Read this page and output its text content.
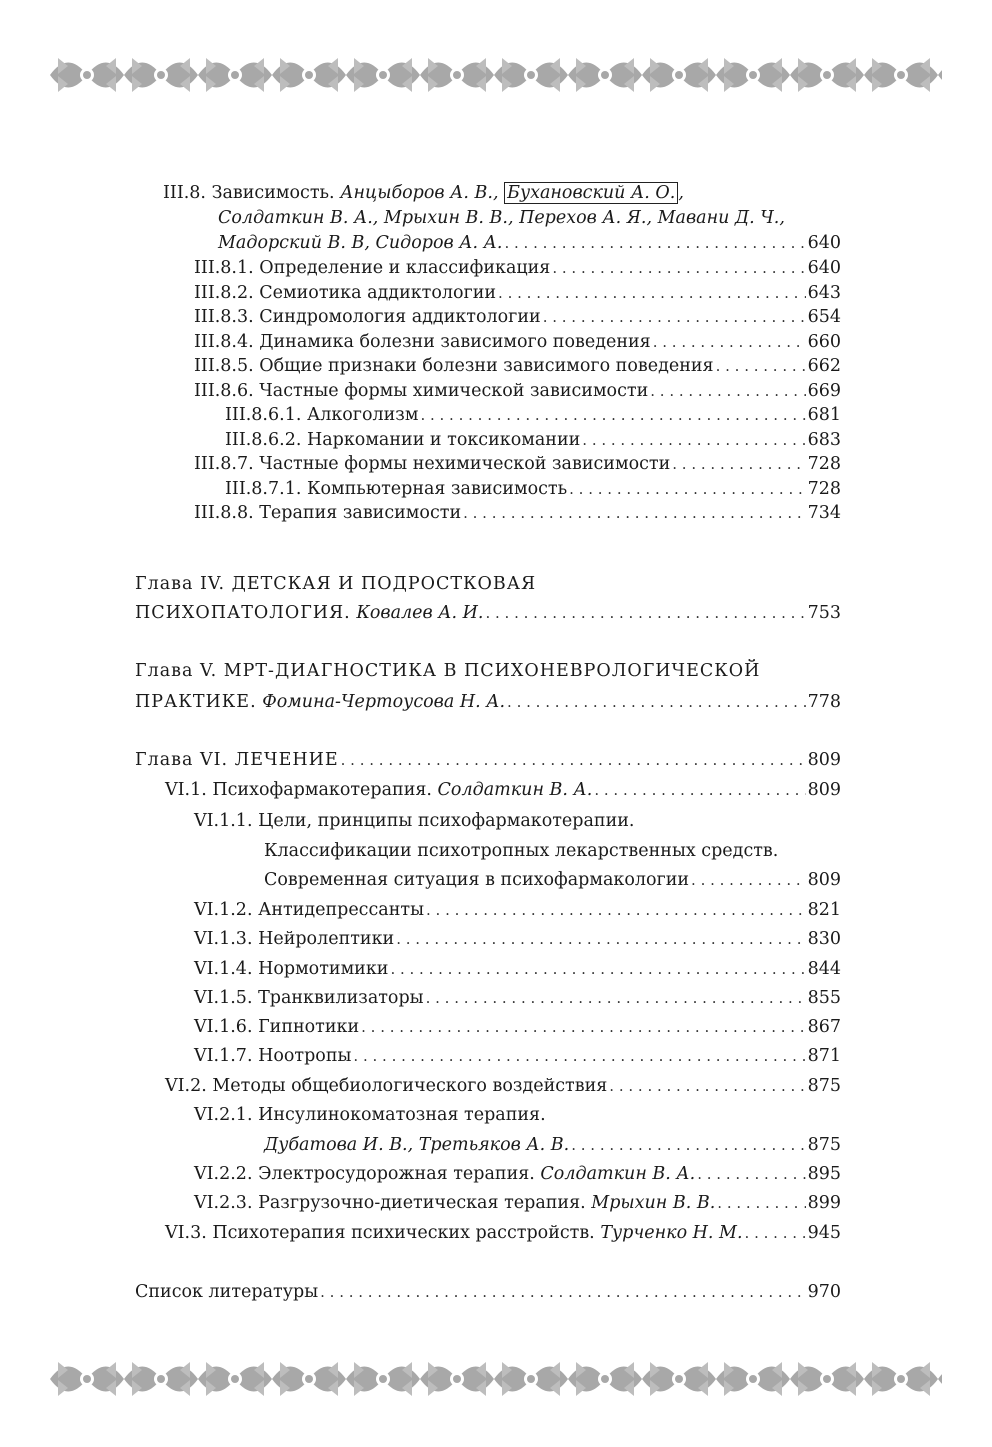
III.8. Зависимость. Анцыборов А. В., Бухановский А. О. ,
Солдаткин В. А., Мрыхин В. В., Перехов А. Я., Мавани Д. Ч.,
Мадорский В. В, Сидоров А. А. . . .	640
III.8.1. Определение и классификация . . .	640
III.8.2. Семиотика аддиктологии . . .	643
III.8.3. Синдромология аддиктологии . . .	654
III.8.4. Динамика болезни зависимого поведения . . .	660
III.8.5. Общие признаки болезни зависимого поведения . . .	662
III.8.6. Частные формы химической зависимости . . .	669
III.8.6.1. Алкоголизм . . .	681
III.8.6.2. Наркомании и токсикомании . . .	683
III.8.7. Частные формы нехимической зависимости . . .	728
III.8.7.1. Компьютерная зависимость . . .	728
III.8.8. Терапия зависимости . . .	734
Глава IV. ДЕТСКАЯ И ПОДРОСТКОВАЯ
ПСИХОПАТОЛОГИЯ. Ковалев А. И. . . .	753
Глава V. МРТ-ДИАГНОСТИКА В ПСИХОНЕВРОЛОГИЧЕСКОЙ
ПРАКТИКЕ. Фомина-Чертоусова Н. А. . . .	778
Глава VI. ЛЕЧЕНИЕ . . .	809
VI.1. Психофармакотерапия. Солдаткин В. А. . . .	809
VI.1.1. Цели, принципы психофармакотерапии.
Классификации психотропных лекарственных средств.
Современная ситуация в психофармакологии . . .	809
VI.1.2. Антидепрессанты . . .	821
VI.1.3. Нейролептики . . .	830
VI.1.4. Нормотимики . . .	844
VI.1.5. Транквилизаторы . . .	855
VI.1.6. Гипнотики . . .	867
VI.1.7. Ноотропы . . .	871
VI.2. Методы общебиологического воздействия . . .	875
VI.2.1. Инсулинокоматозная терапия.
Дубатова И. В., Третьяков А. В. . . .	875
VI.2.2. Электросудорожная терапия. Солдаткин В. А. . . .	895
VI.2.3. Разгрузочно-диетическая терапия. Мрыхин В. В. . . .	899
VI.3. Психотерапия психических расстройств. Турченко Н. М. . . .	945
Список литературы . . .	970
